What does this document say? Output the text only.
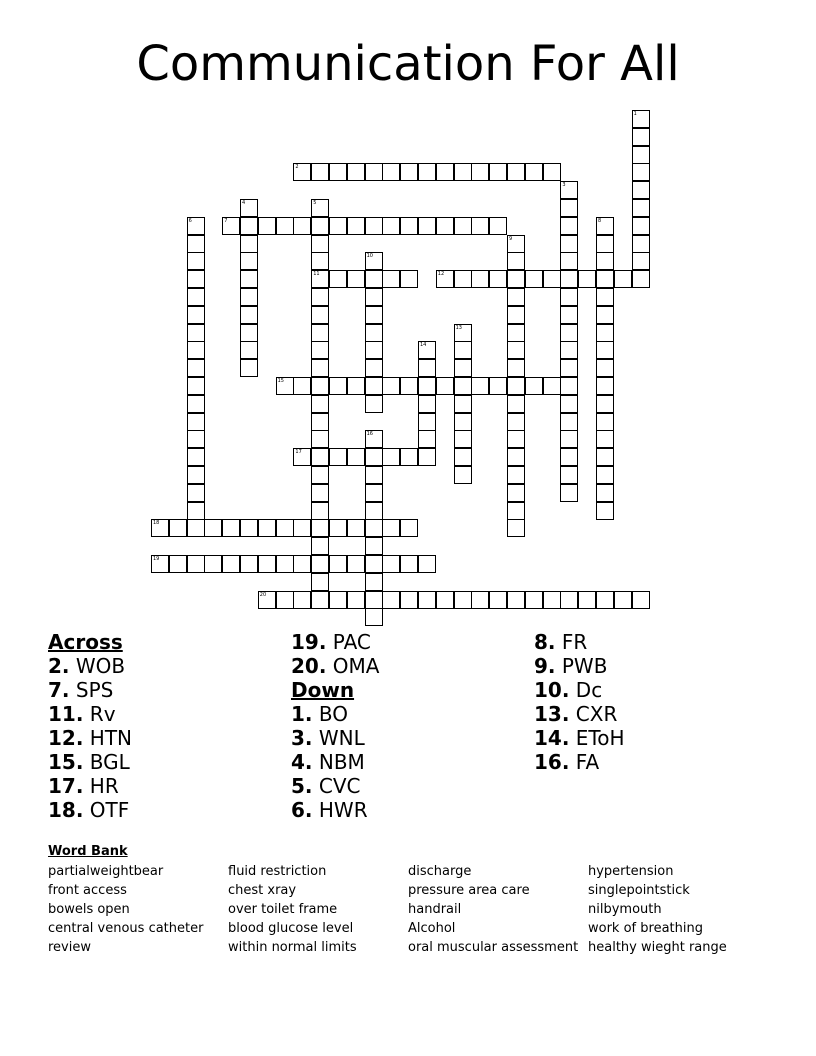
Communication For All
1
2
3
4	5
11
6	7	8
9
10
12
13
14
15
16
17
18
19
20
Across
2. WOB
7. SPS
11. Rv
12. HTN
15. BGL
17. HR
18. OTF
19. PAC
20. OMA
Down
1. BO
3. WNL
4. NBM
5. CVC
6. HWR
8. FR
9. PWB
10. Dc
13. CXR
14. EToH
16. FA
Word Bank
partialweightbear
front access
bowels open
central venous catheter
review
fluid restriction
chest xray
over toilet frame
blood glucose level
within normal limits
discharge
pressure area care
handrail
Alcohol
oral muscular assessment
hypertension
singlepointstick
nilbymouth
work of breathing
healthy wieght range
